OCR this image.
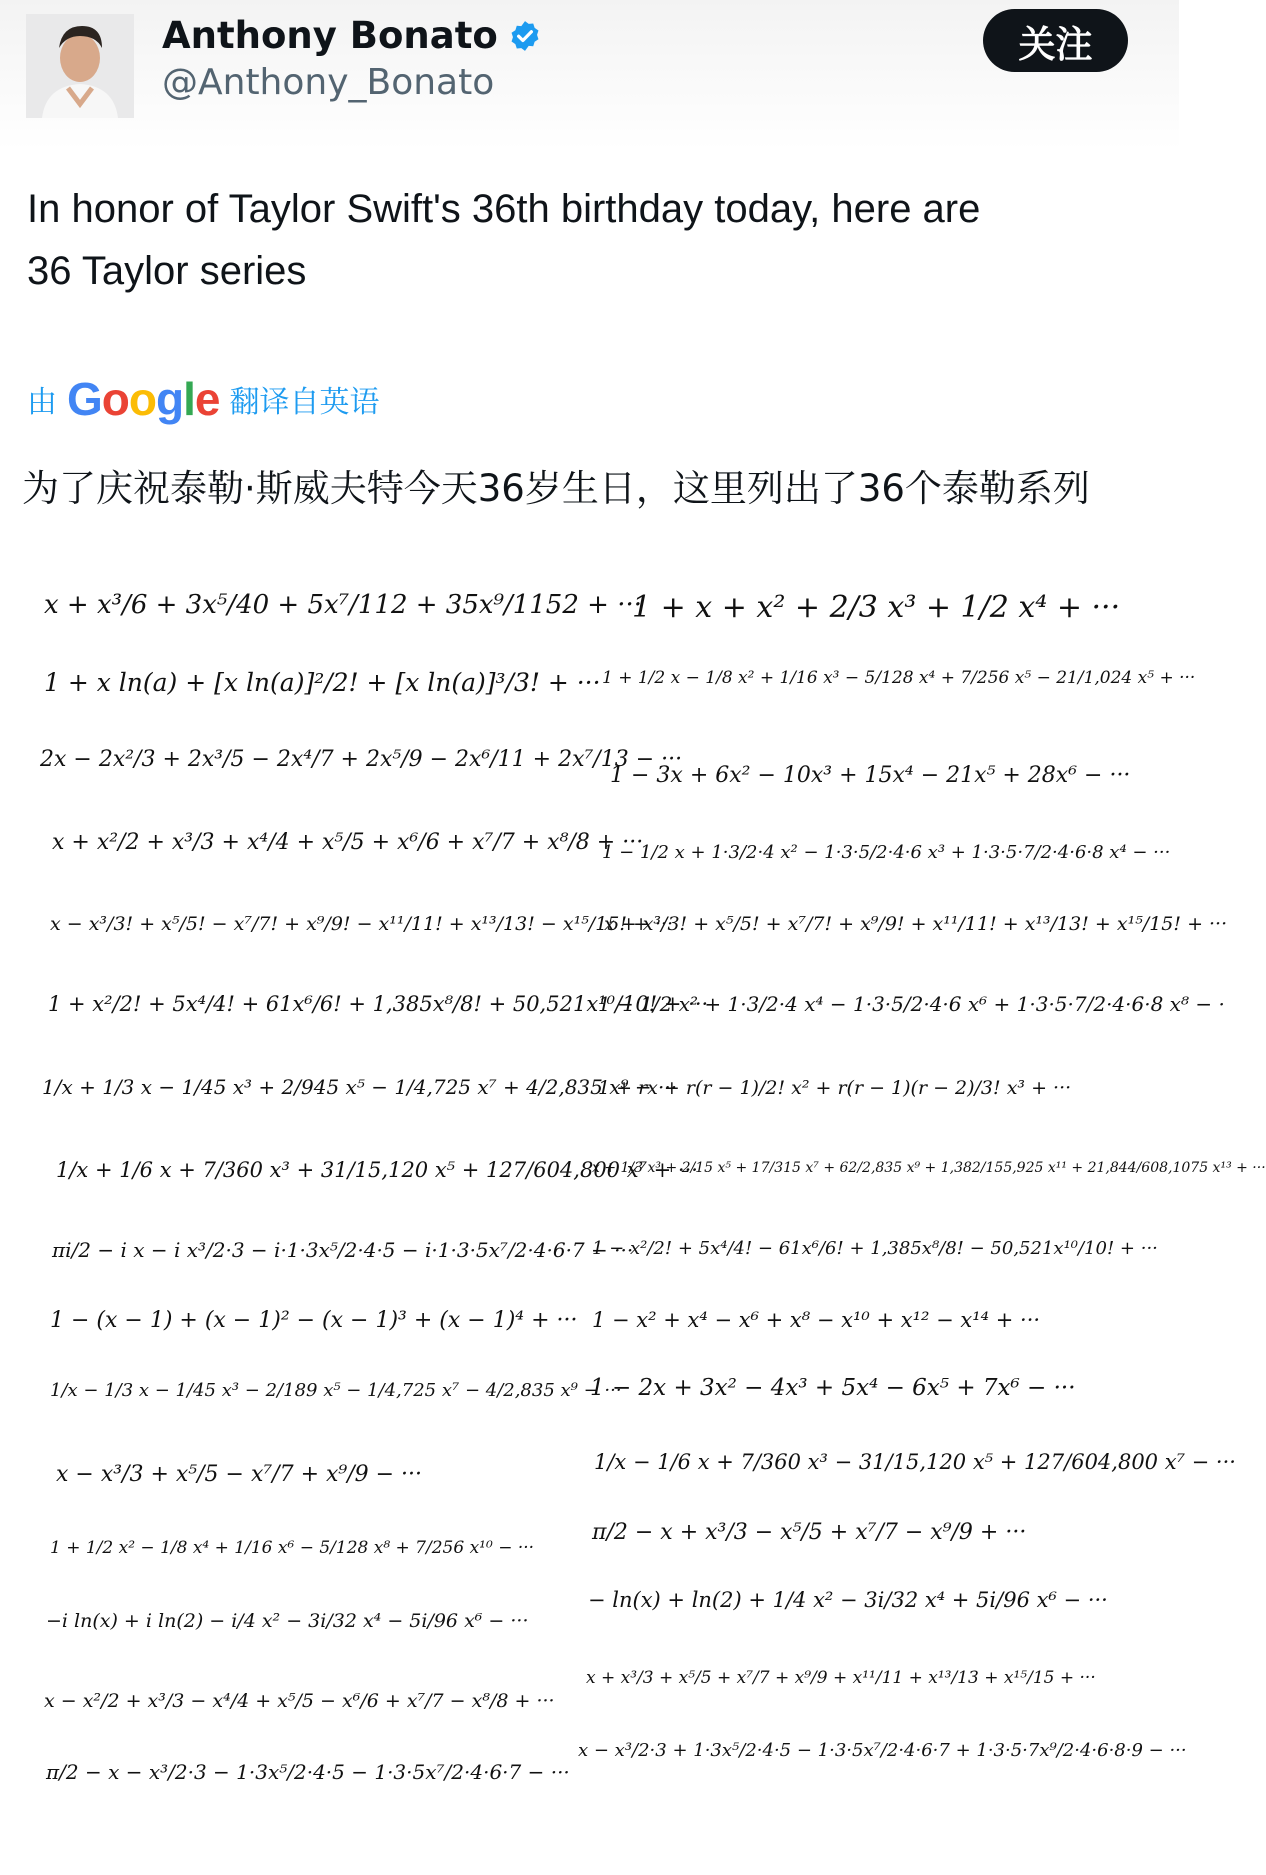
Anthony Bonato
@Anthony_Bonato
关注
In honor of Taylor Swift's 36th birthday today, here are
36 Taylor series
由 Google 翻译自英语
为了庆祝泰勒·斯威夫特今天36岁生日，这里列出了36个泰勒系列
x + x³/6 + 3x⁵/40 + 5x⁷/112 + 35x⁹/1152 + ···
1 + x ln(a) + [x ln(a)]²/2! + [x ln(a)]³/3! + ···
2x − 2x²/3 + 2x³/5 − 2x⁴/7 + 2x⁵/9 − 2x⁶/11 + 2x⁷/13 − ···
x + x²/2 + x³/3 + x⁴/4 + x⁵/5 + x⁶/6 + x⁷/7 + x⁸/8 + ···
x − x³/3! + x⁵/5! − x⁷/7! + x⁹/9! − x¹¹/11! + x¹³/13! − x¹⁵/15! + ···
1 + x²/2! + 5x⁴/4! + 61x⁶/6! + 1,385x⁸/8! + 50,521x¹⁰/10! + ···
1/x + 1/3 x − 1/45 x³ + 2/945 x⁵ − 1/4,725 x⁷ + 4/2,835 x⁹ − ···
1/x + 1/6 x + 7/360 x³ + 31/15,120 x⁵ + 127/604,800 x⁷ + ···
πi/2 − i x − i x³/2·3 − i·1·3x⁵/2·4·5 − i·1·3·5x⁷/2·4·6·7 − ···
1 − (x − 1) + (x − 1)² − (x − 1)³ + (x − 1)⁴ + ···
1/x − 1/3 x − 1/45 x³ − 2/189 x⁵ − 1/4,725 x⁷ − 4/2,835 x⁹ − ···
x − x³/3 + x⁵/5 − x⁷/7 + x⁹/9 − ···
1 + 1/2 x² − 1/8 x⁴ + 1/16 x⁶ − 5/128 x⁸ + 7/256 x¹⁰ − ···
−i ln(x) + i ln(2) − i/4 x² − 3i/32 x⁴ − 5i/96 x⁶ − ···
x − x²/2 + x³/3 − x⁴/4 + x⁵/5 − x⁶/6 + x⁷/7 − x⁸/8 + ···
π/2 − x − x³/2·3 − 1·3x⁵/2·4·5 − 1·3·5x⁷/2·4·6·7 − ···
1 + x + x² + 2/3 x³ + 1/2 x⁴ + ···
1 + 1/2 x − 1/8 x² + 1/16 x³ − 5/128 x⁴ + 7/256 x⁵ − 21/1,024 x⁵ + ···
1 − 3x + 6x² − 10x³ + 15x⁴ − 21x⁵ + 28x⁶ − ···
1 − 1/2 x + 1·3/2·4 x² − 1·3·5/2·4·6 x³ + 1·3·5·7/2·4·6·8 x⁴ − ···
x + x³/3! + x⁵/5! + x⁷/7! + x⁹/9! + x¹¹/11! + x¹³/13! + x¹⁵/15! + ···
1 − 1/2 x² + 1·3/2·4 x⁴ − 1·3·5/2·4·6 x⁶ + 1·3·5·7/2·4·6·8 x⁸ − ·
1 + rx + r(r − 1)/2! x² + r(r − 1)(r − 2)/3! x³ + ···
x + 1/3 x³ + 2/15 x⁵ + 17/315 x⁷ + 62/2,835 x⁹ + 1,382/155,925 x¹¹ + 21,844/608,1075 x¹³ + ···
1 − x²/2! + 5x⁴/4! − 61x⁶/6! + 1,385x⁸/8! − 50,521x¹⁰/10! + ···
1 − x² + x⁴ − x⁶ + x⁸ − x¹⁰ + x¹² − x¹⁴ + ···
1 − 2x + 3x² − 4x³ + 5x⁴ − 6x⁵ + 7x⁶ − ···
1/x − 1/6 x + 7/360 x³ − 31/15,120 x⁵ + 127/604,800 x⁷ − ···
π/2 − x + x³/3 − x⁵/5 + x⁷/7 − x⁹/9 + ···
− ln(x) + ln(2) + 1/4 x² − 3i/32 x⁴ + 5i/96 x⁶ − ···
x + x³/3 + x⁵/5 + x⁷/7 + x⁹/9 + x¹¹/11 + x¹³/13 + x¹⁵/15 + ···
x − x³/2·3 + 1·3x⁵/2·4·5 − 1·3·5x⁷/2·4·6·7 + 1·3·5·7x⁹/2·4·6·8·9 − ···
